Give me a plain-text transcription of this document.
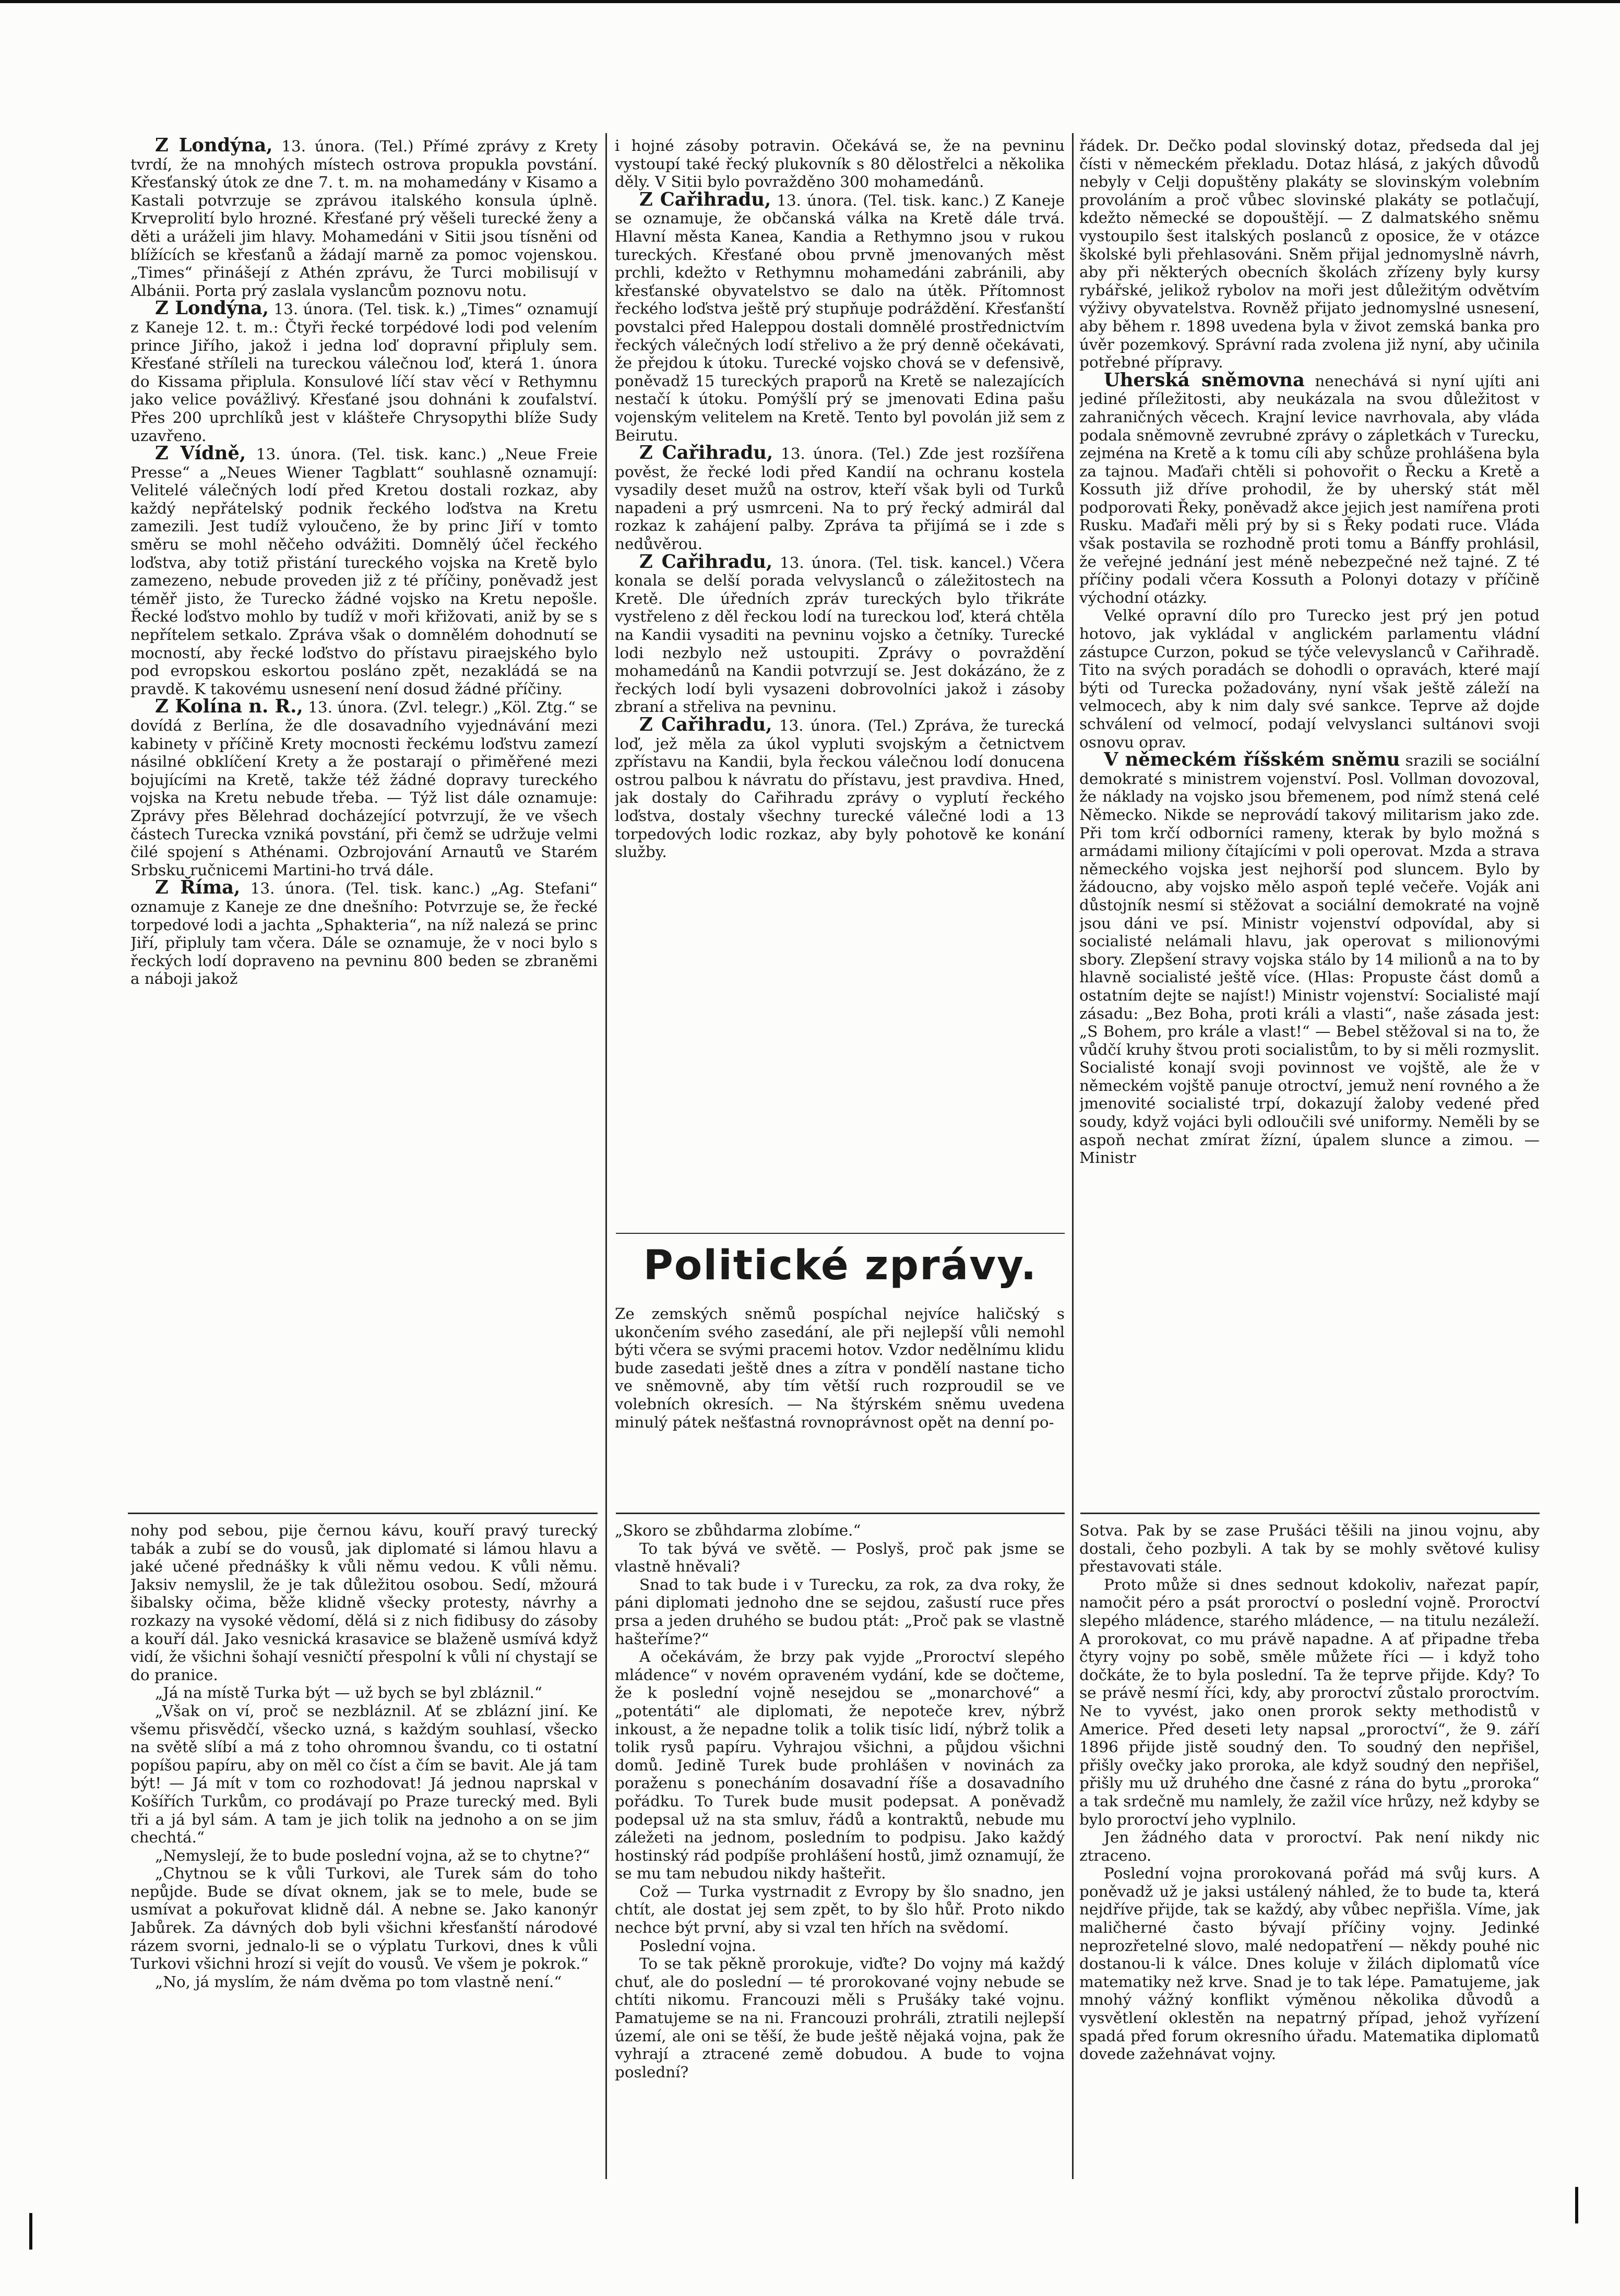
Z Londýna, 13. února. (Tel.) Přímé zprávy z Krety tvrdí, že na mnohých místech ostrova propukla povstání. Křesťanský útok ze dne 7. t. m. na mohamedány v Kisamo a Kastali potvrzuje se zprávou italského konsula úplně. Krveprolití bylo hrozné. Křesťané prý věšeli turecké ženy a děti a uráželi jim hlavy. Mohamedáni v Sitii jsou tísněni od blížících se křesťanů a žádají marně za pomoc vojenskou. „Times“ přinášejí z Athén zprávu, že Turci mobilisují v Albánii. Porta prý zaslala vyslancům poznovu notu.

Z Londýna, 13. února. (Tel. tisk. k.) „Times“ oznamují z Kaneje 12. t. m.: Čtyři řecké torpédové lodi pod velením prince Jiřího, jakož i jedna loď dopravní připluly sem. Křesťané stříleli na tureckou válečnou loď, která 1. února do Kissama připlula. Konsulové líčí stav věcí v Rethymnu jako velice povážlivý. Křesťané jsou dohnáni k zoufalství. Přes 200 uprchlíků jest v klášteře Chrysopythi blíže Sudy uzavřeno.

Z Vídně, 13. února. (Tel. tisk. kanc.) „Neue Freie Presse“ a „Neues Wiener Tagblatt“ souhlasně oznamují: Velitelé válečných lodí před Kretou dostali rozkaz, aby každý nepřátelský podnik řeckého loďstva na Kretu zamezili. Jest tudíž vyloučeno, že by princ Jiří v tomto směru se mohl něčeho odvážiti. Domnělý účel řeckého loďstva, aby totiž přistání tureckého vojska na Kretě bylo zamezeno, nebude proveden již z té příčiny, poněvadž jest téměř jisto, že Turecko žádné vojsko na Kretu nepošle. Řecké loďstvo mohlo by tudíž v moři křižovati, aniž by se s nepřítelem setkalo. Zpráva však o domnělém dohodnutí se mocností, aby řecké loďstvo do přístavu piraejského bylo pod evropskou eskortou posláno zpět, nezakládá se na pravdě. K takovému usnesení není dosud žádné příčiny.

Z Kolína n. R., 13. února. (Zvl. telegr.) „Köl. Ztg.“ se dovídá z Berlína, že dle dosavadního vyjednávání mezi kabinety v příčině Krety mocnosti řeckému loďstvu zamezí násilné obklíčení Krety a že postarají o přiměřené mezi bojujícími na Kretě, takže též žádné dopravy tureckého vojska na Kretu nebude třeba. — Týž list dále oznamuje: Zprávy přes Bělehrad docházející potvrzují, že ve všech částech Turecka vzniká povstání, při čemž se udržuje velmi čilé spojení s Athénami. Ozbrojování Arnautů ve Starém Srbsku ručnicemi Martini-ho trvá dále.

Z Říma, 13. února. (Tel. tisk. kanc.) „Ag. Stefani“ oznamuje z Kaneje ze dne dnešního: Potvrzuje se, že řecké torpedové lodi a jachta „Sphakteria“, na níž nalezá se princ Jiří, připluly tam včera. Dále se oznamuje, že v noci bylo s řeckých lodí dopraveno na pevninu 800 beden se zbraněmi a náboji jakož

i hojné zásoby potravin. Očekává se, že na pevninu vystoupí také řecký plukovník s 80 dělostřelci a několika děly. V Sitii bylo povražděno 300 mohamedánů.

Z Cařihradu, 13. února. (Tel. tisk. kanc.) Z Kaneje se oznamuje, že občanská válka na Kretě dále trvá. Hlavní města Kanea, Kandia a Rethymno jsou v rukou tureckých. Křesťané obou prvně jmenovaných měst prchli, kdežto v Rethymnu mohamedáni zabránili, aby křesťanské obyvatelstvo se dalo na útěk. Přítomnost řeckého loďstva ještě prý stupňuje podráždění. Křesťanští povstalci před Haleppou dostali domnělé prostřednictvím řeckých válečných lodí střelivo a že prý denně očekávati, že přejdou k útoku. Turecké vojsko chová se v defensivě, poněvadž 15 tureckých praporů na Kretě se nalezajících nestačí k útoku. Pomýšlí prý se jmenovati Edina pašu vojenským velitelem na Kretě. Tento byl povolán již sem z Beirutu.

Z Cařihradu, 13. února. (Tel.) Zde jest rozšířena pověst, že řecké lodi před Kandií na ochranu kostela vysadily deset mužů na ostrov, kteří však byli od Turků napadeni a prý usmrceni. Na to prý řecký admirál dal rozkaz k zahájení palby. Zpráva ta přijímá se i zde s nedůvěrou.

Z Cařihradu, 13. února. (Tel. tisk. kancel.) Včera konala se delší porada velvyslanců o záležitostech na Kretě. Dle úředních zpráv tureckých bylo třikráte vystřeleno z děl řeckou lodí na tureckou loď, která chtěla na Kandii vysaditi na pevninu vojsko a četníky. Turecké lodi nezbylo než ustoupiti. Zprávy o povraždění mohamedánů na Kandii potvrzují se. Jest dokázáno, že z řeckých lodí byli vysazeni dobrovolníci jakož i zásoby zbraní a střeliva na pevninu.

Z Cařihradu, 13. února. (Tel.) Zpráva, že turecká loď, jež měla za úkol vypluti svojským a četnictvem zpřístavu na Kandii, byla řeckou válečnou lodí donucena ostrou palbou k návratu do přístavu, jest pravdiva. Hned, jak dostaly do Cařihradu zprávy o vyplutí řeckého loďstva, dostaly všechny turecké válečné lodi a 13 torpedových lodic rozkaz, aby byly pohotově ke konání služby.

Politické zprávy.

Ze zemských sněmů pospíchal nejvíce haličský s ukončením svého zasedání, ale při nejlepší vůli nemohl býti včera se svými pracemi hotov. Vzdor nedělnímu klidu bude zasedati ještě dnes a zítra v pondělí nastane ticho ve sněmovně, aby tím větší ruch rozproudil se ve volebních okresích. — Na štýrském sněmu uvedena minulý pátek nešťastná rovnoprávnost opět na denní po-

řádek. Dr. Dečko podal slovinský dotaz, předseda dal jej čísti v německém překladu. Dotaz hlásá, z jakých důvodů nebyly v Celji dopuštěny plakáty se slovinským volebním provoláním a proč vůbec slovinské plakáty se potlačují, kdežto německé se dopouštějí. — Z dalmatského sněmu vystoupilo šest italských poslanců z oposice, že v otázce školské byli přehlasováni. Sněm přijal jednomyslně návrh, aby při některých obecních školách zřízeny byly kursy rybářské, jelikož rybolov na moři jest důležitým odvětvím výživy obyvatelstva. Rovněž přijato jednomyslné usnesení, aby během r. 1898 uvedena byla v život zemská banka pro úvěr pozemkový. Správní rada zvolena již nyní, aby učinila potřebné přípravy.

Uherská sněmovna nenechává si nyní ujíti ani jediné příležitosti, aby neukázala na svou důležitost v zahraničných věcech. Krajní levice navrhovala, aby vláda podala sněmovně zevrubné zprávy o zápletkách v Turecku, zejména na Kretě a k tomu cíli aby schůze prohlášena byla za tajnou. Maďaři chtěli si pohovořit o Řecku a Kretě a Kossuth již dříve prohodil, že by uherský stát měl podporovati Řeky, poněvadž akce jejich jest namířena proti Rusku. Maďaři měli prý by si s Řeky podati ruce. Vláda však postavila se rozhodně proti tomu a Bánffy prohlásil, že veřejné jednání jest méně nebezpečné než tajné. Z té příčiny podali včera Kossuth a Polonyi dotazy v příčině východní otázky.

Velké opravní dílo pro Turecko jest prý jen potud hotovo, jak vykládal v anglickém parlamentu vládní zástupce Curzon, pokud se týče velevyslanců v Cařihradě. Tito na svých poradách se dohodli o opravách, které mají býti od Turecka požadovány, nyní však ještě záleží na velmocech, aby k nim daly své sankce. Teprve až dojde schválení od velmocí, podají velvyslanci sultánovi svoji osnovu oprav.

V německém říšském sněmu srazili se sociální demokraté s ministrem vojenství. Posl. Vollman dovozoval, že náklady na vojsko jsou břemenem, pod nímž stená celé Německo. Nikde se neprovádí takový militarism jako zde. Při tom krčí odborníci rameny, kterak by bylo možná s armádami miliony čítajícími v poli operovat. Mzda a strava německého vojska jest nejhorší pod sluncem. Bylo by žádoucno, aby vojsko mělo aspoň teplé večeře. Voják ani důstojník nesmí si stěžovat a sociální demokraté na vojně jsou dáni ve psí. Ministr vojenství odpovídal, aby si socialisté nelámali hlavu, jak operovat s milionovými sbory. Zlepšení stravy vojska stálo by 14 milionů a na to by hlavně socialisté ještě více. (Hlas: Propuste část domů a ostatním dejte se najíst!) Ministr vojenství: Socialisté mají zásadu: „Bez Boha, proti králi a vlasti“, naše zásada jest: „S Bohem, pro krále a vlast!“ — Bebel stěžoval si na to, že vůdčí kruhy štvou proti socialistům, to by si měli rozmyslit. Socialisté konají svoji povinnost ve vojště, ale že v německém vojště panuje otroctví, jemuž není rovného a že jmenovité socialisté trpí, dokazují žaloby vedené před soudy, když vojáci byli odloučili své uniformy. Neměli by se aspoň nechat zmírat žízní, úpalem slunce a zimou. — Ministr

nohy pod sebou, pije černou kávu, kouří pravý turecký tabák a zubí se do vousů, jak diplomaté si lámou hlavu a jaké učené přednášky k vůli němu vedou. K vůli němu. Jaksiv nemyslil, že je tak důležitou osobou. Sedí, mžourá šibalsky očima, běže klidně všecky protesty, návrhy a rozkazy na vysoké vědomí, dělá si z nich fidibusy do zásoby a kouří dál. Jako vesnická krasavice se blaženě usmívá když vidí, že všichni šohají vesničtí přespolní k vůli ní chystají se do pranice.

„Já na místě Turka být — už bych se byl zbláznil.“

„Však on ví, proč se nezbláznil. Ať se zblázní jiní. Ke všemu přisvědčí, všecko uzná, s každým souhlasí, všecko na světě slíbí a má z toho ohromnou švandu, co ti ostatní popíšou papíru, aby on měl co číst a čím se bavit. Ale já tam být! — Já mít v tom co rozhodovat! Já jednou naprskal v Košířích Turkům, co prodávají po Praze turecký med. Byli tři a já byl sám. A tam je jich tolik na jednoho a on se jim chechtá.“

„Nemyslejí, že to bude poslední vojna, až se to chytne?“

„Chytnou se k vůli Turkovi, ale Turek sám do toho nepůjde. Bude se dívat oknem, jak se to mele, bude se usmívat a pokuřovat klidně dál. A nebne se. Jako kanonýr Jabůrek. Za dávných dob byli všichni křesťanští národové rázem svorni, jednalo-li se o výplatu Turkovi, dnes k vůli Turkovi všichni hrozí si vejít do vousů. Ve všem je pokrok.“

„No, já myslím, že nám dvěma po tom vlastně není.“

„Skoro se zbůhdarma zlobíme.“

To tak bývá ve světě. — Poslyš, proč pak jsme se vlastně hněvali?

Snad to tak bude i v Turecku, za rok, za dva roky, že páni diplomati jednoho dne se sejdou, zašustí ruce přes prsa a jeden druhého se budou ptát: „Proč pak se vlastně hašteříme?“

A očekávám, že brzy pak vyjde „Proroctví slepého mládence“ v novém opraveném vydání, kde se dočteme, že k poslední vojně nesejdou se „monarchové“ a „potentáti“ ale diplomati, že nepoteče krev, nýbrž inkoust, a že nepadne tolik a tolik tisíc lidí, nýbrž tolik a tolik rysů papíru. Vyhrajou všichni, a půjdou všichni domů. Jedině Turek bude prohlášen v novinách za poraženu s ponecháním dosavadní říše a dosavadního pořádku. To Turek bude musit podepsat. A poněvadž podepsal už na sta smluv, řádů a kontraktů, nebude mu záležeti na jednom, posledním to podpisu. Jako každý hostinský rád podpíše prohlášení hostů, jimž oznamují, že se mu tam nebudou nikdy hašteřit.

Což — Turka vystrnadit z Evropy by šlo snadno, jen chtít, ale dostat jej sem zpět, to by šlo hůř. Proto nikdo nechce být první, aby si vzal ten hřích na svědomí.

Poslední vojna.

To se tak pěkně prorokuje, viďte? Do vojny má každý chuť, ale do poslední — té prorokované vojny nebude se chtíti nikomu. Francouzi měli s Prušáky také vojnu. Pamatujeme se na ni. Francouzi prohráli, ztratili nejlepší území, ale oni se těší, že bude ještě nějaká vojna, pak že vyhrají a ztracené země dobudou. A bude to vojna poslední?

Sotva. Pak by se zase Prušáci těšili na jinou vojnu, aby dostali, čeho pozbyli. A tak by se mohly světové kulisy přestavovati stále.

Proto může si dnes sednout kdokoliv, nařezat papír, namočit péro a psát proroctví o poslední vojně. Proroctví slepého mládence, starého mládence, — na titulu nezáleží. A prorokovat, co mu právě napadne. A ať připadne třeba čtyry vojny po sobě, směle můžete říci — i když toho dočkáte, že to byla poslední. Ta že teprve přijde. Kdy? To se právě nesmí říci, kdy, aby proroctví zůstalo proroctvím. Ne to vyvést, jako onen prorok sekty methodistů v Americe. Před deseti lety napsal „proroctví“, že 9. září 1896 přijde jistě soudný den. To soudný den nepřišel, přišly ovečky jako proroka, ale když soudný den nepřišel, přišly mu už druhého dne časné z rána do bytu „proroka“ a tak srdečně mu namlely, že zažil více hrůzy, než kdyby se bylo proroctví jeho vyplnilo.

Jen žádného data v proroctví. Pak není nikdy nic ztraceno.

Poslední vojna prorokovaná pořád má svůj kurs. A poněvadž už je jaksi ustálený náhled, že to bude ta, která nejdříve přijde, tak se každý, aby vůbec nepřišla. Víme, jak maličherné často bývají příčiny vojny. Jedinké neprozřetelné slovo, malé nedopatření — někdy pouhé nic dostanou-li k válce. Dnes koluje v žilách diplomatů více matematiky než krve. Snad je to tak lépe. Pamatujeme, jak mnohý vážný konflikt výměnou několika důvodů a vysvětlení oklestěn na nepatrný případ, jehož vyřízení spadá před forum okresního úřadu. Matematika diplomatů dovede zažehnávat vojny.
